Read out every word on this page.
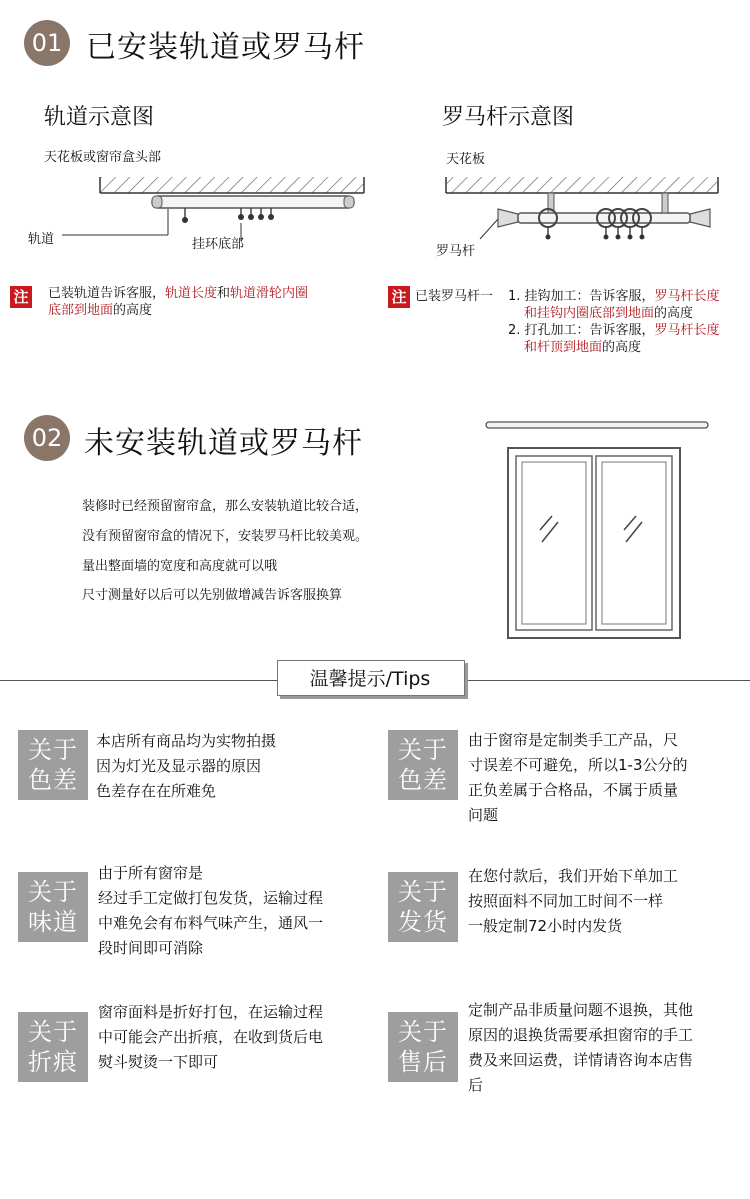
01 已安装轨道或罗马杆
轨道示意图
天花板或窗帘盒头部
轨道	挂环底部
罗马杆示意图
天花板
罗马杆
注 已装轨道告诉客服，轨道长度和轨道滑轮内圈
底部到地面的高度
注 已装罗马杆一 1. 挂钩加工：告诉客服，罗马杆长度
和挂钩内圈底部到地面的高度
2. 打孔加工：告诉客服，罗马杆长度
和杆顶到地面的高度
02 未安装轨道或罗马杆
装修时已经预留窗帘盒，那么安装轨道比较合适，
没有预留窗帘盒的情况下，安装罗马杆比较美观。
量出整面墙的宽度和高度就可以哦
尺寸测量好以后可以先别做增减告诉客服换算
温馨提示/Tips
关于
色差
本店所有商品均为实物拍摄
因为灯光及显示器的原因
色差存在在所难免
关于
色差
由于窗帘是定制类手工产品，尺
寸误差不可避免，所以1-3公分的
正负差属于合格品，不属于质量
问题
关于
味道
由于所有窗帘是
经过手工定做打包发货，运输过程
中难免会有布料气味产生，通风一
段时间即可消除
关于
发货
在您付款后，我们开始下单加工
按照面料不同加工时间不一样
一般定制72小时内发货
关于
折痕
窗帘面料是折好打包，在运输过程
中可能会产出折痕，在收到货后电
熨斗熨烫一下即可
关于
售后
定制产品非质量问题不退换，其他
原因的退换货需要承担窗帘的手工
费及来回运费，详情请咨询本店售
后
